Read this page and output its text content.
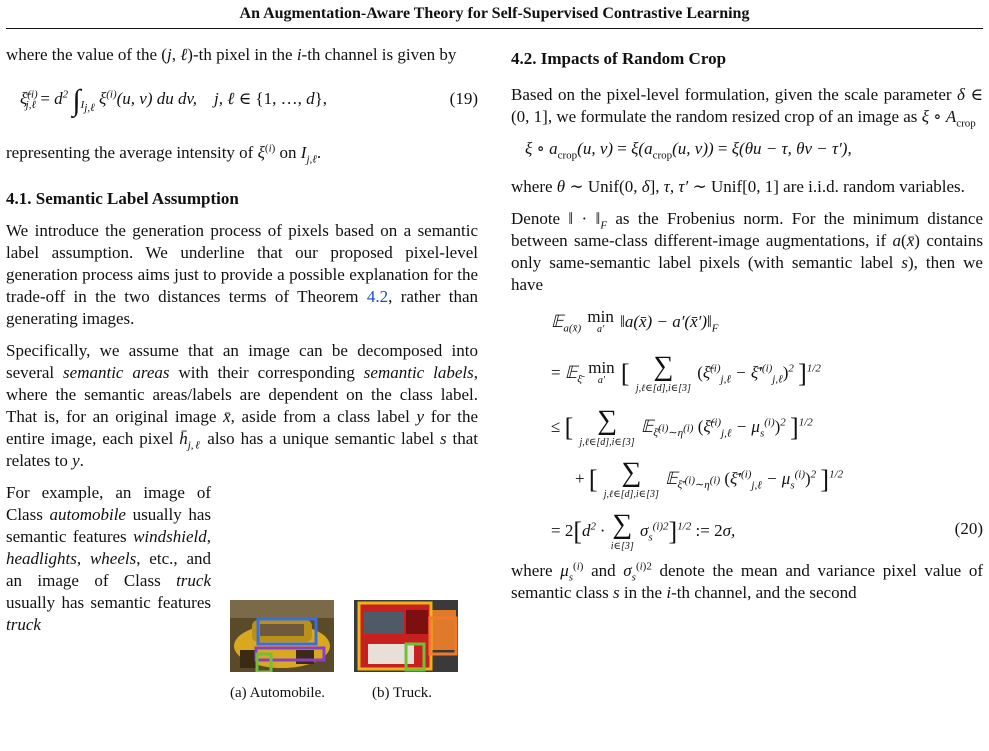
An Augmentation-Aware Theory for Self-Supervised Contrastive Learning

where the value of the (j, ℓ)-th pixel in the i-th channel is given by

ξ̄$^{(i)}_{j,\ell}$ = $d^2$ $\int_{I_{j,\ell}}$ $\xi^{(i)}(u$, v) du dv,    j, ℓ ∈ {1, …, d},	(19)

representing the average intensity of $\xi^{(i)}$ on $I_{j,\ell}$.

4.1. Semantic Label Assumption

We introduce the generation process of pixels based on a semantic label assumption. We underline that our proposed pixel-level generation process aims just to provide a possible explanation for the trade-off in the two distances terms of Theorem 4.2, rather than generating images.

Specifically, we assume that an image can be decomposed into several semantic areas with their corresponding semantic labels, where the semantic areas/labels are dependent on the class label. That is, for an original image x̄, aside from a class label y for the entire image, each pixel $h̄_{j,\ell}$ also has a unique semantic label s that relates to y.

For example, an image of Class automobile usually has semantic features windshield, headlights, wheels, etc., and an image of Class truck usually has semantic features truck

(a) Automobile.	(b) Truck.
4.2. Impacts of Random Crop

Based on the pixel-level formulation, given the scale parameter δ ∈ (0, 1], we formulate the random resized crop of an image as ξ ∘ $A_{crop}$

ξ ∘ $a_{crop}(u$, $v) = \xi(a_{crop}(u$, v)) = ξ(θu − τ, θv − τ′),

where θ ∼ Unif(0, δ], τ, τ′ ∼ Unif[0, 1] are i.i.d. random variables.

Denote ‖ · $‖_F$ as the Frobenius norm. For the minimum distance between same-class different-image augmentations, if a(x̄) contains only same-semantic label pixels (with semantic label s), then we have

𝔼$_{a(x̄)}$ min
a′ ‖a(x̄) − $a'(x̄')‖_F$
= 𝔼$_{\xī}$ min
a′ [ ∑
j,ℓ∈[d],i∈[3]
(ξ̄$^{(i)}_{j,\ell}$ − $\xī'^{(i)}_{j,\ell})^2$ ]$^{1/2}$
≤ [ ∑
j,ℓ∈[d],i∈[3]
𝔼$_{\xī^{(i)}\sim\eta^{(i)}}$ (ξ̄$^{(i)}_{j,\ell}$ − $\mu_s^{(i)})^2$ ]$^{1/2}$
+ [ ∑
j,ℓ∈[d],i∈[3]
𝔼$_{\xī'^{(i)}\sim\eta^{(i)}}$ $(\xī'^{(i)}_{j,\ell} - \mu_s^{(i)})^2$ ]$^{1/2}$
= $2[d^2$ · ∑
i∈[3]
$\sigma_s^{(i)2}]^{1/2}$ := 2σ,	(20)

where $\mu_s^{(i)}$ and $\sigma_s^{(i)2}$ denote the mean and variance pixel value of semantic class s in the i-th channel, and the second
